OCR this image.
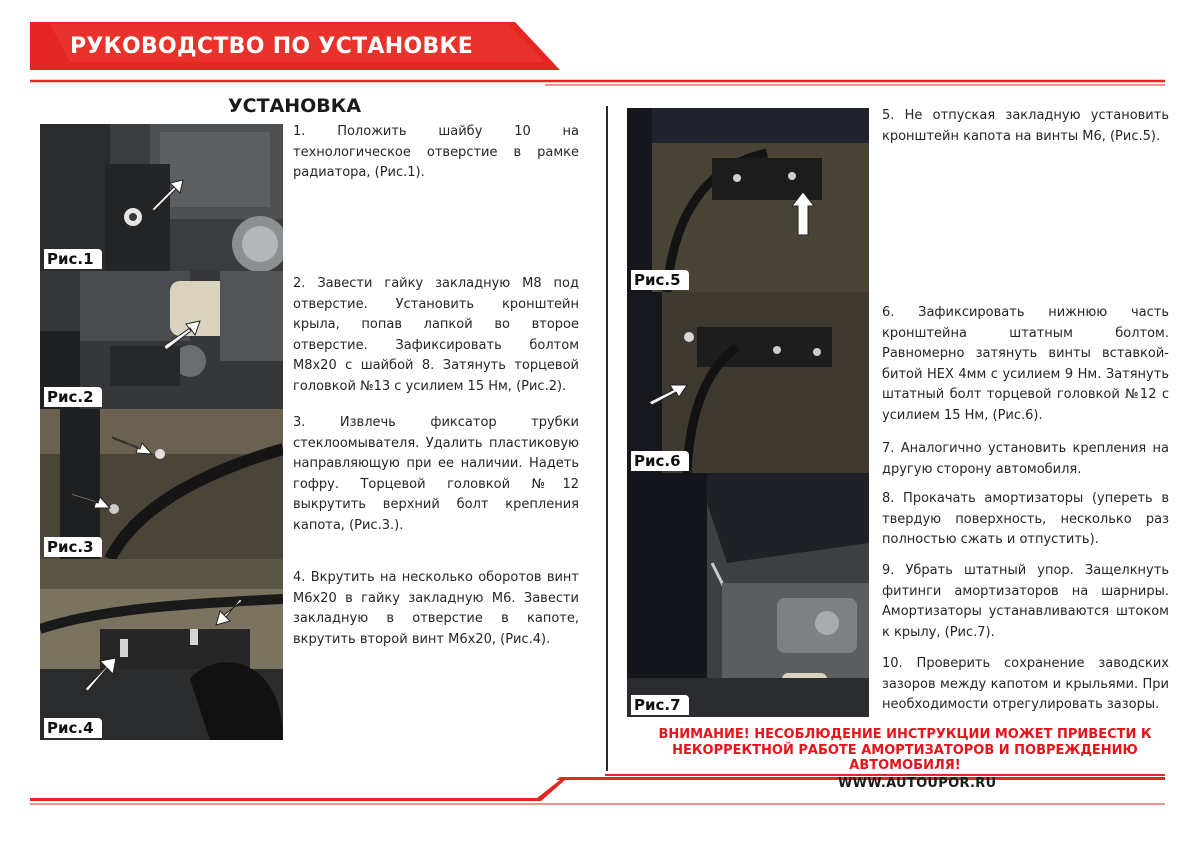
РУКОВОДСТВО ПО УСТАНОВКЕ
УСТАНОВКА
Рис.1
Рис.2
Рис.3
Рис.4

1. Положить шайбу 10 на технологическое отверстие в рамке радиатора, (Рис.1).

2. Завести гайку закладную М8 под отверстие. Установить кронштейн крыла, попав лапкой во вторoе отверстие. Зафиксировать болтом М8х20 с шайбой 8. Затянуть торцевой головкой №13 с усилием 15 Нм, (Рис.2).

3. Извлечь фиксатор трубки стеклоомывателя. Удалить пластиковую направляющую при ее наличии. Надеть гофру. Торцевой головкой №12 выкрутить верхний болт крепления капота, (Рис.3.).

4. Вкрутить на несколько оборотов винт М6х20 в гайку закладную М6. Завести закладную в отверстие в капоте, вкрутить второй винт М6х20, (Рис.4).

Рис.5
Рис.6
Рис.7

5. Не отпуская закладную установить кронштейн капота на винты М6, (Рис.5).

6. Зафиксировать нижнюю часть кронштейна штатным болтом. Равномерно затянуть винты вставкой-битой HEX 4мм с усилием 9 Нм. Затянуть штатный болт торцевой головкой №12 с усилием 15 Нм, (Рис.6).

7. Аналогично установить крепления на другую сторону автомобиля.

8. Прокачать амортизаторы (упереть в твердую поверхность, несколько раз полностью сжать и отпустить).

9. Убрать штатный упор. Защелкнуть фитинги амортизаторов на шарниры. Амортизаторы устанавливаются штоком к крылу, (Рис.7).

10. Проверить сохранение заводских зазоров между капотом и крыльями. При необходимости отрегулировать зазоры.

ВНИМАНИЕ! НЕСОБЛЮДЕНИЕ ИНСТРУКЦИИ МОЖЕТ ПРИВЕСТИ К НЕКОРРЕКТНОЙ РАБОТЕ АМОРТИЗАТОРОВ И ПОВРЕЖДЕНИЮ АВТОМОБИЛЯ!
WWW.AUTOUPOR.RU
